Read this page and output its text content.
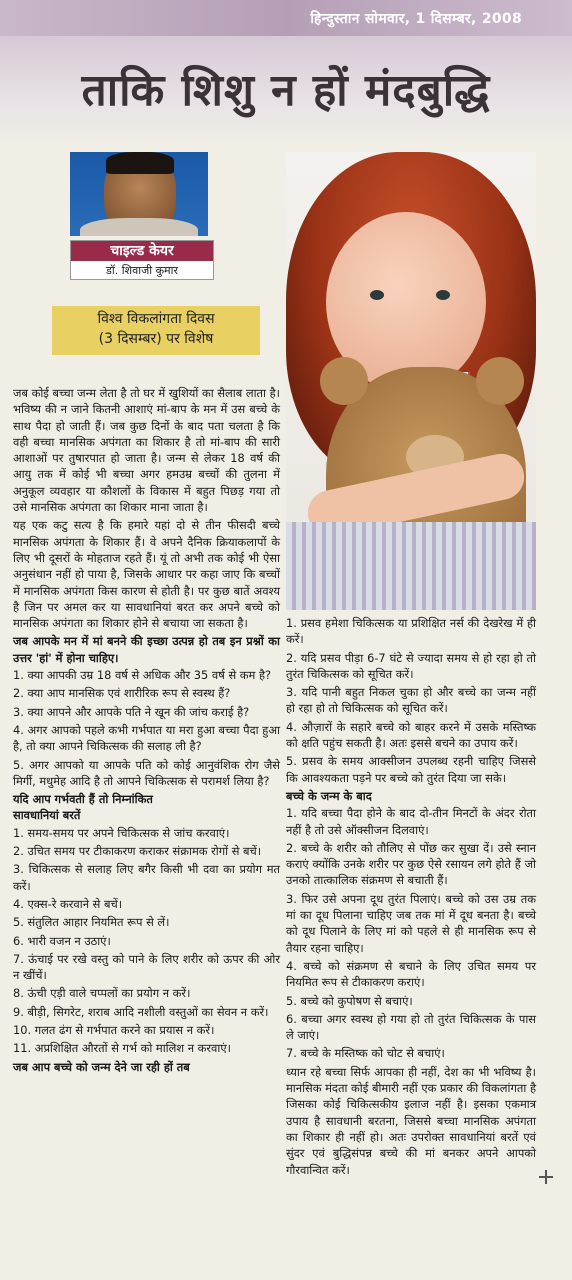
हिन्दुस्तान सोमवार, 1 दिसम्बर, 2008
ताकि शिशु न हों मंदबुद्धि
चाइल्ड केयर
डॉ. शिवाजी कुमार
विश्व विकलांगता दिवस
(3 दिसम्बर) पर विशेष

जब कोई बच्चा जन्म लेता है तो घर में खुशियों का सैलाब लाता है। भविष्य की न जाने कितनी आशाएं मां-बाप के मन में उस बच्चे के साथ पैदा हो जाती हैं। जब कुछ दिनों के बाद पता चलता है कि वही बच्चा मानसिक अपंगता का शिकार है तो मां-बाप की सारी आशाओं पर तुषारपात हो जाता है। जन्म से लेकर 18 वर्ष की आयु तक में कोई भी बच्चा अगर हमउम्र बच्चों की तुलना में अनुकूल व्यवहार या कौशलों के विकास में बहुत पिछड़ गया तो उसे मानसिक अपंगता का शिकार माना जाता है।

यह एक कटु सत्य है कि हमारे यहां दो से तीन फीसदी बच्चे मानसिक अपंगता के शिकार हैं। वे अपने दैनिक क्रियाकलापों के लिए भी दूसरों के मोहताज रहते हैं। यूं तो अभी तक कोई भी ऐसा अनुसंधान नहीं हो पाया है, जिसके आधार पर कहा जाए कि बच्चों में मानसिक अपंगता किस कारण से होती है। पर कुछ बातें अवश्य है जिन पर अमल कर या सावधानियां बरत कर अपने बच्चे को मानसिक अपंगता का शिकार होने से बचाया जा सकता है।

जब आपके मन में मां बनने की इच्छा उत्पन्न हो तब इन प्रश्नों का उत्तर 'हां' में होना चाहिए।

1. क्या आपकी उम्र 18 वर्ष से अधिक और 35 वर्ष से कम है?

2. क्या आप मानसिक एवं शारीरिक रूप से स्वस्थ हैं?

3. क्या आपने और आपके पति ने खून की जांच कराई है?

4. अगर आपको पहले कभी गर्भपात या मरा हुआ बच्चा पैदा हुआ है, तो क्या आपने चिकित्सक की सलाह ली है?

5. अगर आपको या आपके पति को कोई आनुवंशिक रोग जैसे मिर्गी, मधुमेह आदि है तो आपने चिकित्सक से परामर्श लिया है?

यदि आप गर्भवती हैं तो निम्नांकित
सावधानियां बरतें

1. समय-समय पर अपने चिकित्सक से जांच करवाएं।

2. उचित समय पर टीकाकरण कराकर संक्रामक रोगों से बचें।

3. चिकित्सक से सलाह लिए बगैर किसी भी दवा का प्रयोग मत करें।

4. एक्स-रे करवाने से बचें।

5. संतुलित आहार नियमित रूप से लें।

6. भारी वजन न उठाएं।

7. ऊंचाई पर रखे वस्तु को पाने के लिए शरीर को ऊपर की ओर न खींचें।

8. ऊंची एड़ी वाले चप्पलों का प्रयोग न करें।

9. बीड़ी, सिगरेट, शराब आदि नशीली वस्तुओं का सेवन न करें।

10. गलत ढंग से गर्भपात करने का प्रयास न करें।

11. अप्रशिक्षित औरतों से गर्भ को मालिश न करवाएं।

जब आप बच्चे को जन्म देने जा रही हों तब

1. प्रसव हमेशा चिकित्सक या प्रशिक्षित नर्स की देखरेख में ही करें।

2. यदि प्रसव पीड़ा 6-7 घंटे से ज्यादा समय से हो रहा हो तो तुरंत चिकित्सक को सूचित करें।

3. यदि पानी बहुत निकल चुका हो और बच्चे का जन्म नहीं हो रहा हो तो चिकित्सक को सूचित करें।

4. औज़ारों के सहारे बच्चे को बाहर करने में उसके मस्तिष्क को क्षति पहुंच सकती है। अतः इससे बचने का उपाय करें।

5. प्रसव के समय आक्सीजन उपलब्ध रहनी चाहिए जिससे कि आवश्यकता पड़ने पर बच्चे को तुरंत दिया जा सके।

बच्चे के जन्म के बाद

1. यदि बच्चा पैदा होने के बाद दो-तीन मिनटों के अंदर रोता नहीं है तो उसे ऑक्सीजन दिलवाएं।

2. बच्चे के शरीर को तौलिए से पोंछ कर सुखा दें। उसे स्नान कराएं क्योंकि उनके शरीर पर कुछ ऐसे रसायन लगे होते हैं जो उनको तात्कालिक संक्रमण से बचाती हैं।

3. फिर उसे अपना दूध तुरंत पिलाएं। बच्चे को उस उम्र तक मां का दूध पिलाना चाहिए जब तक मां में दूध बनता है। बच्चे को दूध पिलाने के लिए मां को पहले से ही मानसिक रूप से तैयार रहना चाहिए।

4. बच्चे को संक्रमण से बचाने के लिए उचित समय पर नियमित रूप से टीकाकरण कराएं।

5. बच्चे को कुपोषण से बचाएं।

6. बच्चा अगर स्वस्थ हो गया हो तो तुरंत चिकित्सक के पास ले जाएं।

7. बच्चे के मस्तिष्क को चोट से बचाएं।

ध्यान रहे बच्चा सिर्फ आपका ही नहीं, देश का भी भविष्य है। मानसिक मंदता कोई बीमारी नहीं एक प्रकार की विकलांगता है जिसका कोई चिकित्सकीय इलाज नहीं है। इसका एकमात्र उपाय है सावधानी बरतना, जिससे बच्चा मानसिक अपंगता का शिकार ही नहीं हो। अतः उपरोक्त सावधानियां बरतें एवं सुंदर एवं बुद्धिसंपन्न बच्चे की मां बनकर अपने आपको गौरवान्वित करें।
